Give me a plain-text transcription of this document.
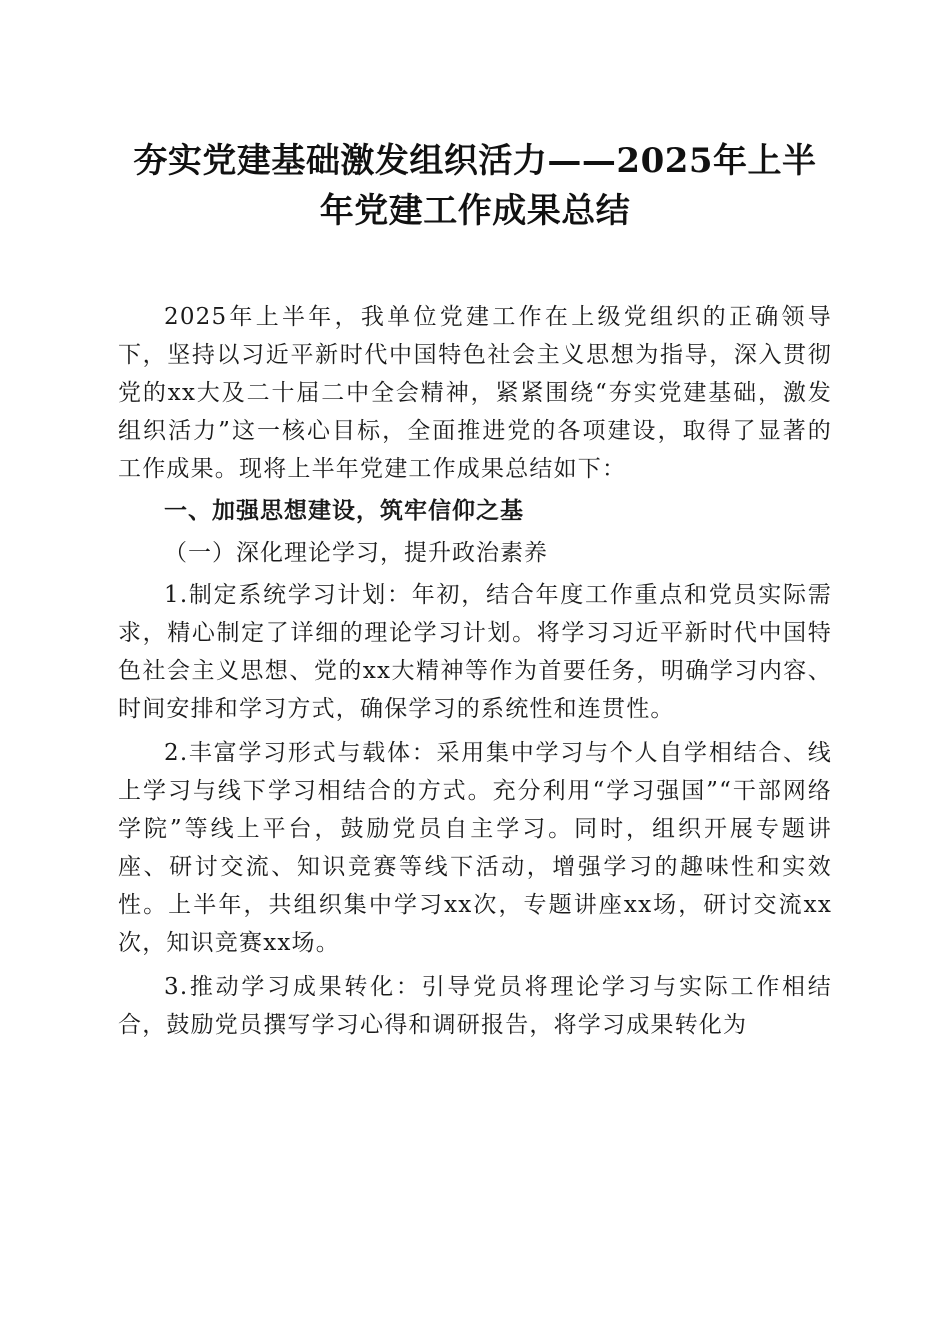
夯实党建基础激发组织活力——2025年上半
年党建工作成果总结

2025年上半年，我单位党建工作在上级党组织的正确领导下，坚持以习近平新时代中国特色社会主义思想为指导，深入贯彻党的xx大及二十届二中全会精神，紧紧围绕“夯实党建基础，激发组织活力”这一核心目标，全面推进党的各项建设，取得了显著的工作成果。现将上半年党建工作成果总结如下：

一、加强思想建设，筑牢信仰之基

（一）深化理论学习，提升政治素养

1.制定系统学习计划：年初，结合年度工作重点和党员实际需求，精心制定了详细的理论学习计划。将学习习近平新时代中国特色社会主义思想、党的xx大精神等作为首要任务，明确学习内容、时间安排和学习方式，确保学习的系统性和连贯性。

2.丰富学习形式与载体：采用集中学习与个人自学相结合、线上学习与线下学习相结合的方式。充分利用“学习强国”“干部网络学院”等线上平台，鼓励党员自主学习。同时，组织开展专题讲座、研讨交流、知识竞赛等线下活动，增强学习的趣味性和实效性。上半年，共组织集中学习xx次，专题讲座xx场，研讨交流xx次，知识竞赛xx场。

3.推动学习成果转化：引导党员将理论学习与实际工作相结合，鼓励党员撰写学习心得和调研报告，将学习成果转化为
